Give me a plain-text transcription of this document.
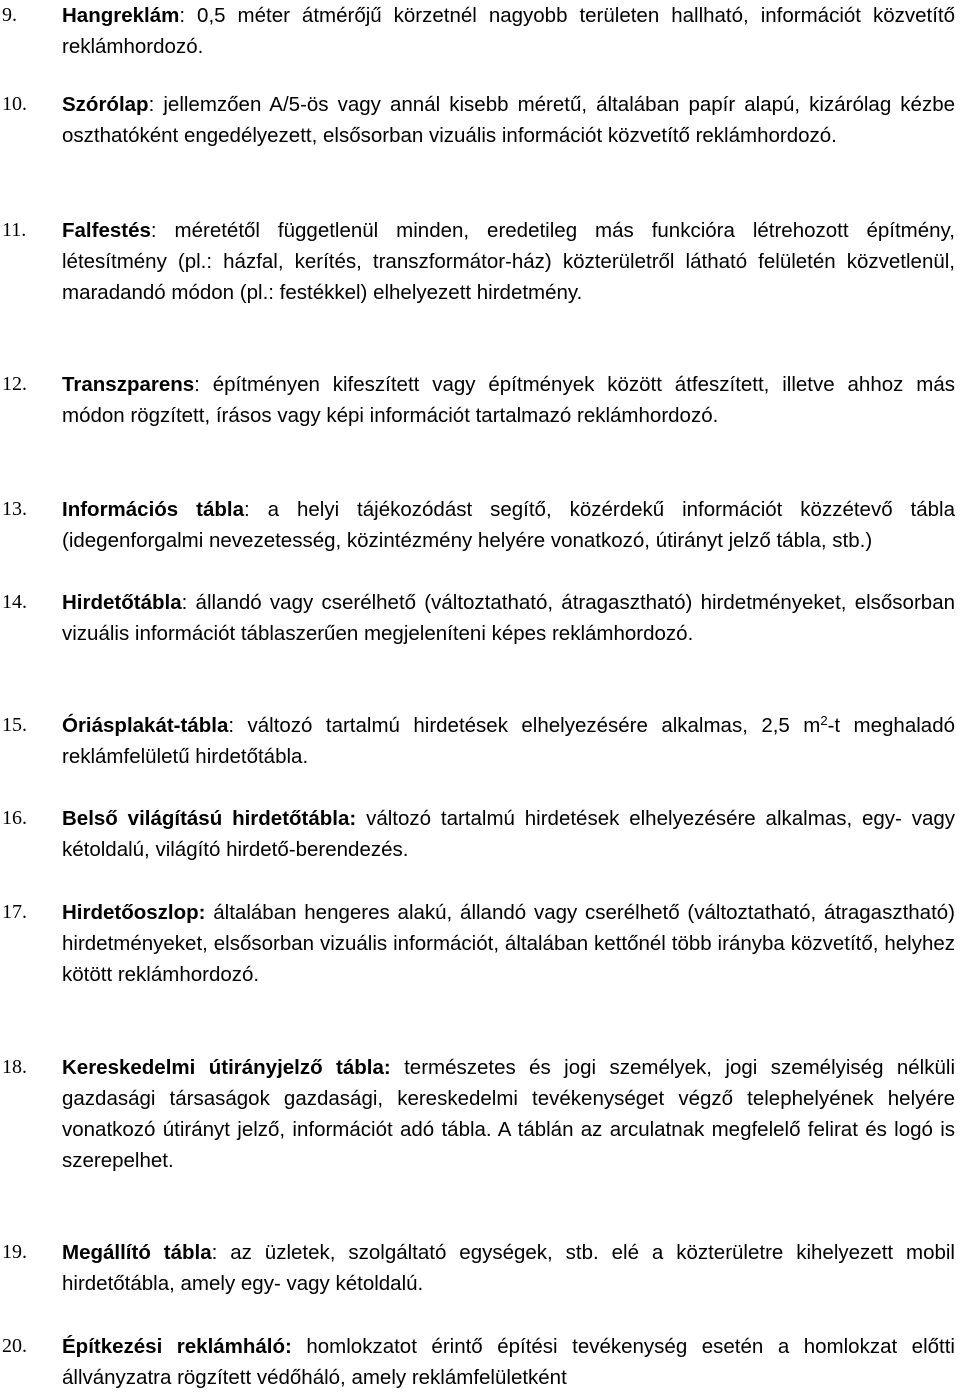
9. Hangreklám: 0,5 méter átmérőjű körzetnél nagyobb területen hallható, információt közvetítő reklámhordozó.
10. Szórólap: jellemzően A/5-ös vagy annál kisebb méretű, általában papír alapú, kizárólag kézbe oszthatóként engedélyezett, elsősorban vizuális információt közvetítő reklámhordozó.
11. Falfestés: méretétől függetlenül minden, eredetileg más funkcióra létrehozott építmény, létesítmény (pl.: házfal, kerítés, transzformátor-ház) közterületről látható felületén közvetlenül, maradandó módon (pl.: festékkel) elhelyezett hirdetmény.
12. Transzparens: építményen kifeszített vagy építmények között átfeszített, illetve ahhoz más módon rögzített, írásos vagy képi információt tartalmazó reklámhordozó.
13. Információs tábla: a helyi tájékozódást segítő, közérdekű információt közzétevő tábla (idegenforgalmi nevezetesség, közintézmény helyére vonatkozó, útirányt jelző tábla, stb.)
14. Hirdetőtábla: állandó vagy cserélhető (változtatható, átragasztható) hirdetményeket, elsősorban vizuális információt táblaszerűen megjeleníteni képes reklámhordozó.
15. Óriásplakát-tábla: változó tartalmú hirdetések elhelyezésére alkalmas, 2,5 $m^2-t$ meghaladó reklámfelületű hirdetőtábla.
16. Belső világítású hirdetőtábla: változó tartalmú hirdetések elhelyezésére alkalmas, egy- vagy kétoldalú, világító hirdető-berendezés.
17. Hirdetőoszlop: általában hengeres alakú, állandó vagy cserélhető (változtatható, átragasztható) hirdetményeket, elsősorban vizuális információt, általában kettőnél több irányba közvetítő, helyhez kötött reklámhordozó.
18. Kereskedelmi útirányjelző tábla: természetes és jogi személyek, jogi személyiség nélküli gazdasági társaságok gazdasági, kereskedelmi tevékenységet végző telephelyének helyére vonatkozó útirányt jelző, információt adó tábla. A táblán az arculatnak megfelelő felirat és logó is szerepelhet.
19. Megállító tábla: az üzletek, szolgáltató egységek, stb. elé a közterületre kihelyezett mobil hirdetőtábla, amely egy- vagy kétoldalú.
20. Építkezési reklámháló: homlokzatot érintő építési tevékenység esetén a homlokzat előtti állványzatra rögzített védőháló, amely reklámfelületként
